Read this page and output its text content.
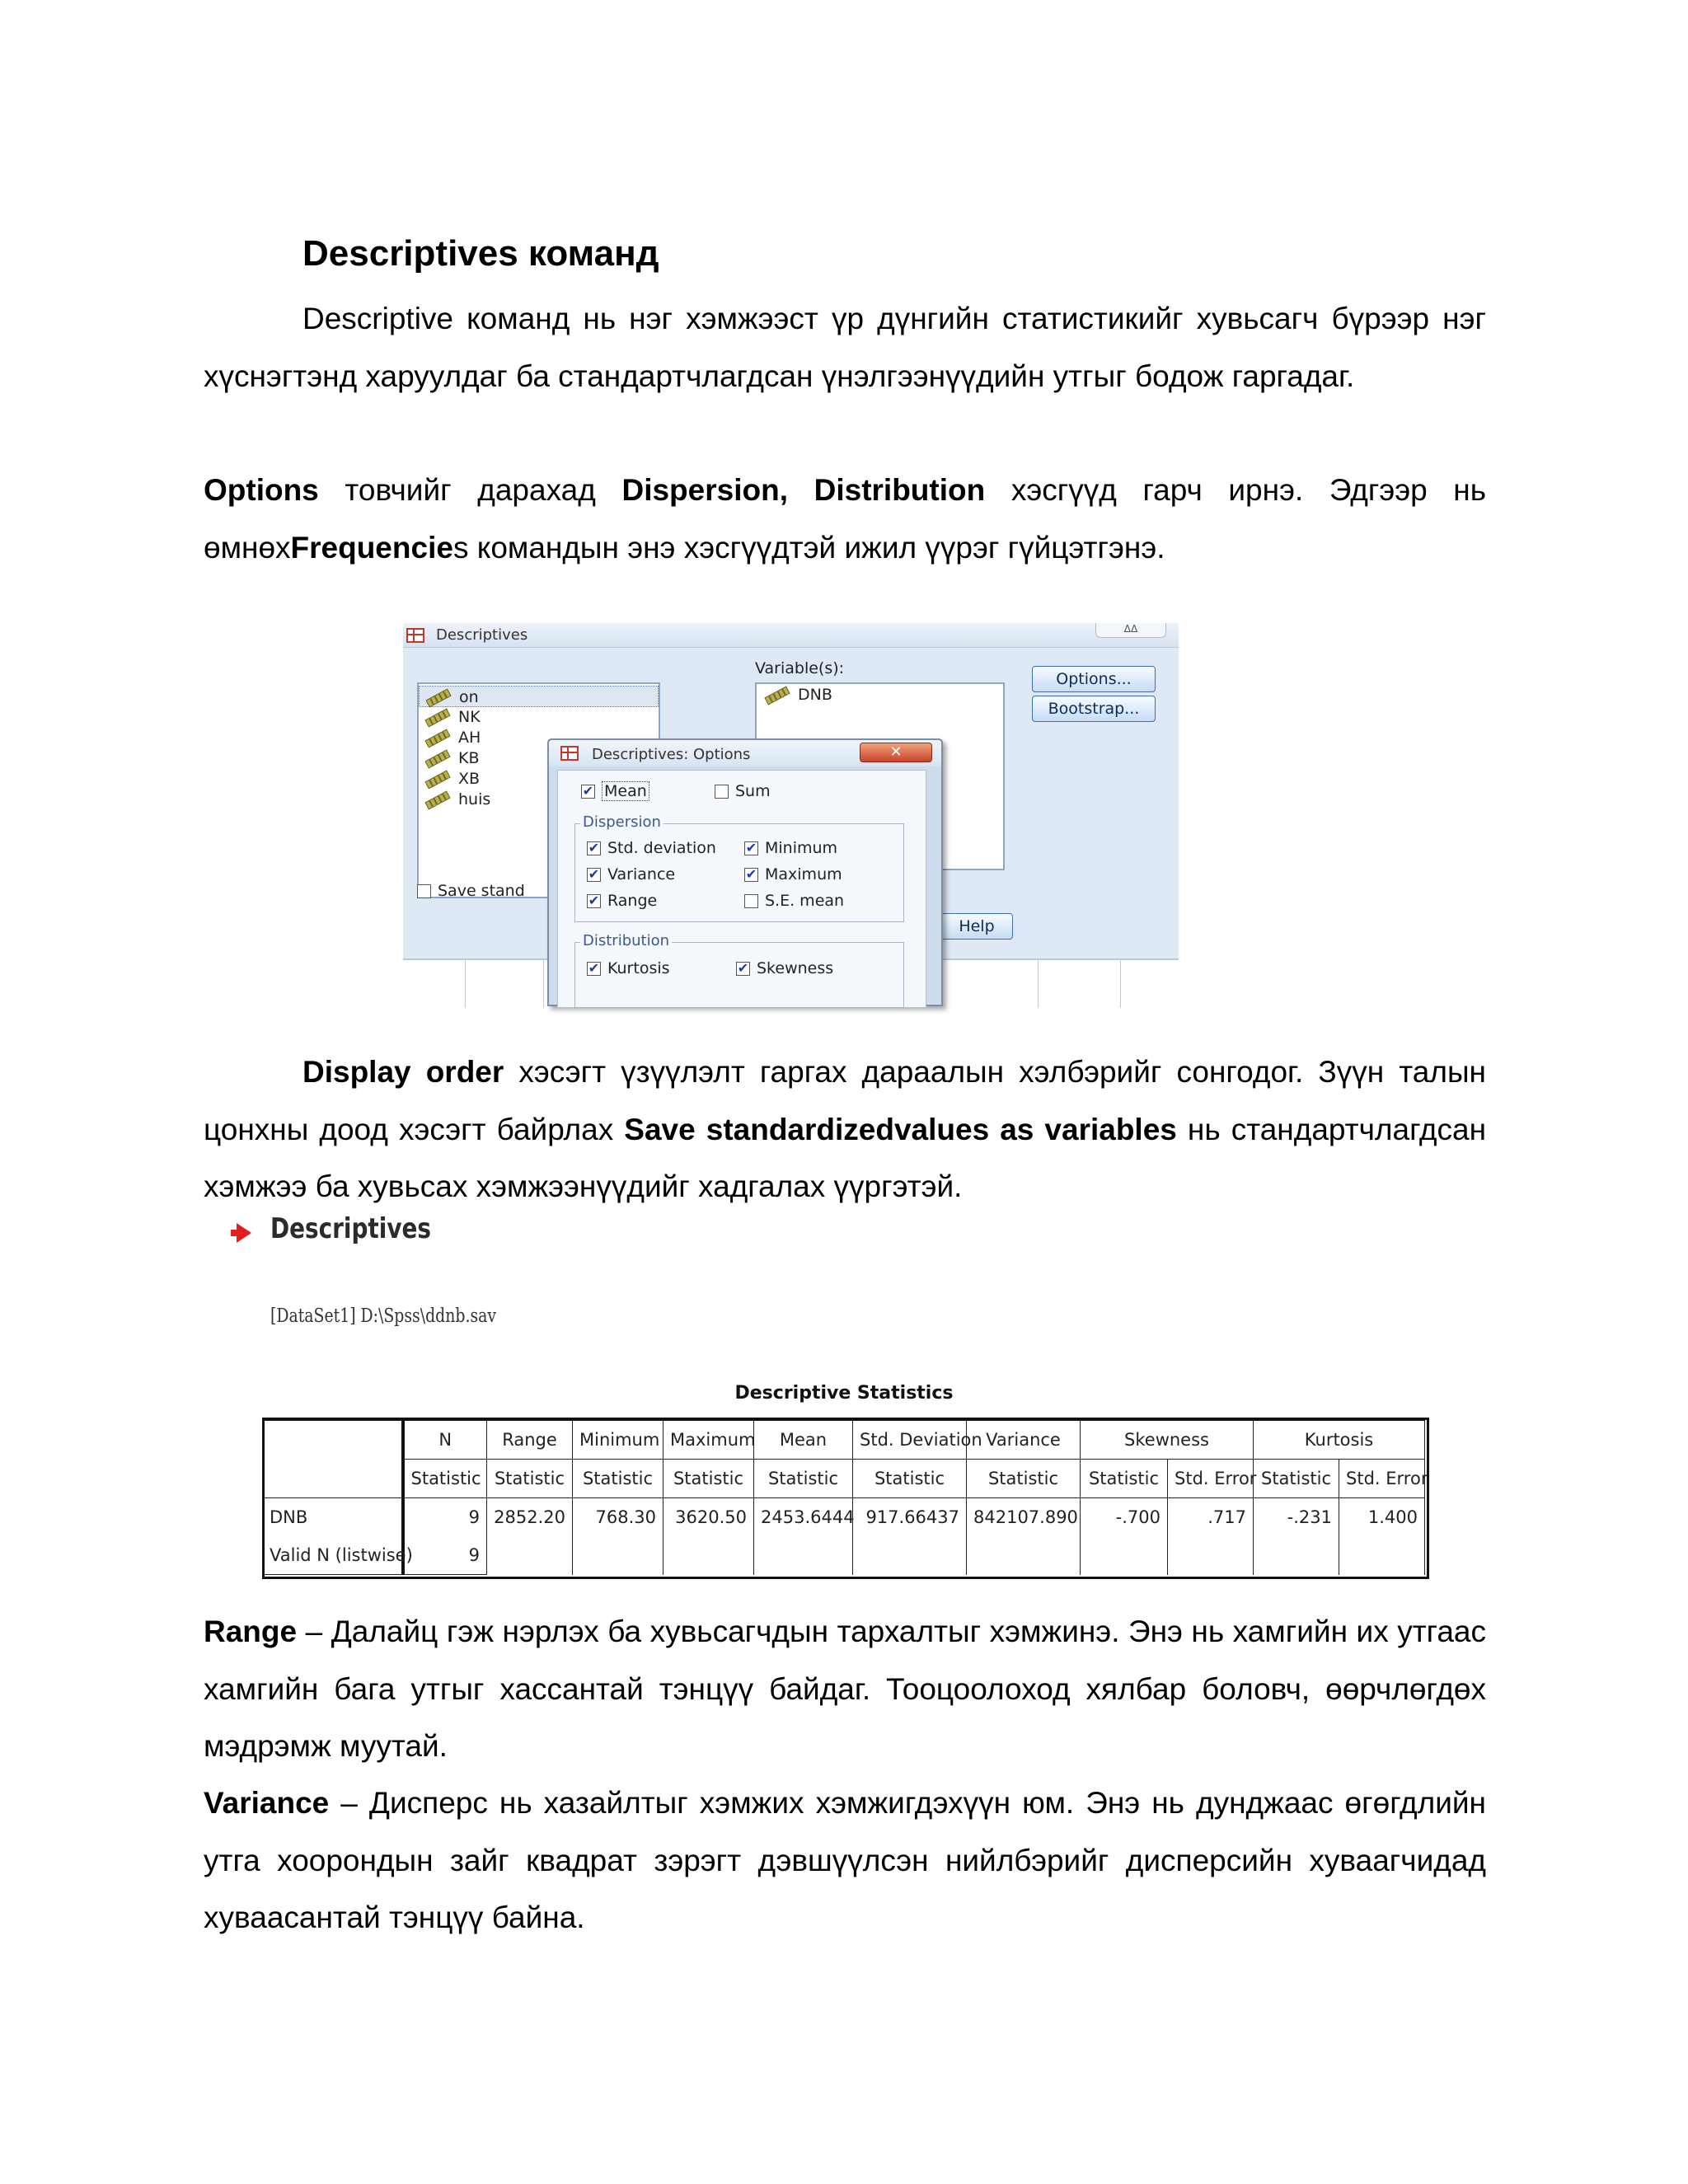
Descriptives команд

Descriptive команд нь нэг хэмжээст үр дүнгийн статистикийг хувьсагч бүрээр нэг хүснэгтэнд харуулдаг ба стандартчлагдсан үнэлгээнүүдийн утгыг бодож гаргадаг.

Options товчийг дарахад Dispersion, Distribution хэсгүүд гарч ирнэ. Эдгээр нь өмнөхFrequencies командын энэ хэсгүүдтэй ижил үүрэг гүйцэтгэнэ.

Descriptives	ᐃᐃ
on
NK
AH
KB
XB
huis
Variable(s):
DNB
Options...
Bootstrap...
Help
Save stand
Descriptives: Options	✕
✔Mean	Sum
Dispersion
✔Std. deviation ✔	Minimum
✔Variance ✔	Maximum
✔Range	S.E. mean
Distribution
✔Kurtosis ✔	Skewness

Display order хэсэгт үзүүлэлт гаргах дараалын хэлбэрийг сонгодог. Зүүн талын цонхны доод хэсэгт байрлах Save standardizedvalues as variables нь стандартчлагдсан хэмжээ ба хувьсах хэмжээнүүдийг хадгалах үүргэтэй.

Descriptives
[DataSet1] D:\Spss\ddnb.sav
Descriptive Statistics
	N	Range	Minimum	Maximum	Mean	Std. Deviation	Variance	Skewness		Kurtosis	
	Statistic	Statistic	Statistic	Statistic	Statistic	Statistic	Statistic	Statistic	Std. Error	Statistic	Std. Error
DNB	9	2852.20	768.30	3620.50	2453.6444	917.66437	842107.890	-.700	.717	-.231	1.400
Valid N (listwise)	9										

Range – Далайц гэж нэрлэх ба хувьсагчдын тархалтыг хэмжинэ. Энэ нь хамгийн их утгаас хамгийн бага утгыг хассантай тэнцүү байдаг. Тооцоолоход хялбар боловч, өөрчлөгдөх мэдрэмж муутай.

Variance – Дисперс нь хазайлтыг хэмжих хэмжигдэхүүн юм. Энэ нь дунджаас өгөгдлийн утга хоорондын зайг квадрат зэрэгт дэвшүүлсэн нийлбэрийг дисперсийн хуваагчидад хуваасантай тэнцүү байна.
